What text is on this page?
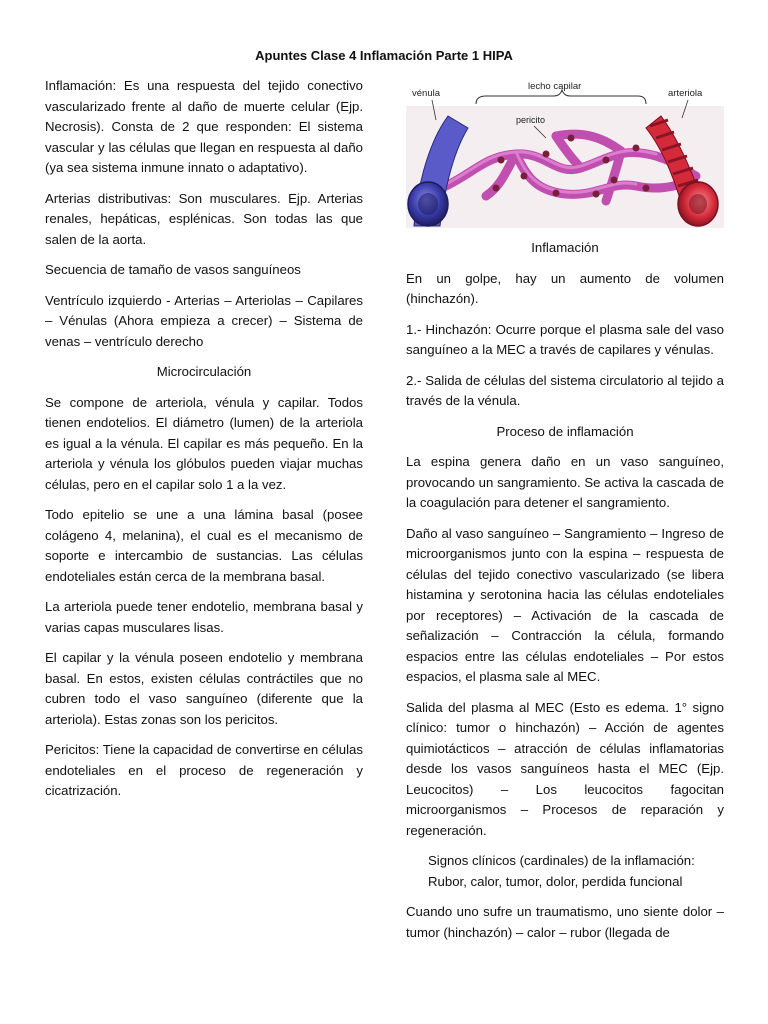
Apuntes Clase 4 Inflamación Parte 1 HIPA

Inflamación: Es una respuesta del tejido conectivo vascularizado frente al daño de muerte celular (Ejp. Necrosis). Consta de 2 que responden: El sistema vascular y las células que llegan en respuesta al daño (ya sea sistema inmune innato o adaptativo).

Arterias distributivas: Son musculares. Ejp. Arterias renales, hepáticas, esplénicas. Son todas las que salen de la aorta.

Secuencia de tamaño de vasos sanguíneos

Ventrículo izquierdo - Arterias – Arteriolas – Capilares – Vénulas (Ahora empieza a crecer) – Sistema de venas – ventrículo derecho

Microcirculación

Se compone de arteriola, vénula y capilar. Todos tienen endotelios. El diámetro (lumen) de la arteriola es igual a la vénula. El capilar es más pequeño. En la arteriola y vénula los glóbulos pueden viajar muchas células, pero en el capilar solo 1 a la vez.

Todo epitelio se une a una lámina basal (posee colágeno 4, melanina), el cual es el mecanismo de soporte e intercambio de sustancias. Las células endoteliales están cerca de la membrana basal.

La arteriola puede tener endotelio, membrana basal y varias capas musculares lisas.

El capilar y la vénula poseen endotelio y membrana basal. En estos, existen células contráctiles que no cubren todo el vaso sanguíneo (diferente que la arteriola). Estas zonas son los pericitos.

Pericitos: Tiene la capacidad de convertirse en células endoteliales en el proceso de regeneración y cicatrización.

vénula
lecho capilar
arteriola
pericito

Inflamación

En un golpe, hay un aumento de volumen (hinchazón).

1.- Hinchazón: Ocurre porque el plasma sale del vaso sanguíneo a la MEC a través de capilares y vénulas.

2.- Salida de células del sistema circulatorio al tejido a través de la vénula.

Proceso de inflamación

La espina genera daño en un vaso sanguíneo, provocando un sangramiento. Se activa la cascada de la coagulación para detener el sangramiento.

Daño al vaso sanguíneo – Sangramiento – Ingreso de microorganismos junto con la espina – respuesta de células del tejido conectivo vascularizado (se libera histamina y serotonina hacia las células endoteliales por receptores) – Activación de la cascada de señalización – Contracción la célula, formando espacios entre las células endoteliales – Por estos espacios, el plasma sale al MEC.

Salida del plasma al MEC (Esto es edema. 1° signo clínico: tumor o hinchazón) – Acción de agentes quimiotácticos – atracción de células inflamatorias desde los vasos sanguíneos hasta el MEC (Ejp. Leucocitos) – Los leucocitos fagocitan microorganismos – Procesos de reparación y regeneración.

Signos clínicos (cardinales) de la inflamación:
Rubor, calor, tumor, dolor, perdida funcional

Cuando uno sufre un traumatismo, uno siente dolor – tumor (hinchazón) – calor – rubor (llegada de
